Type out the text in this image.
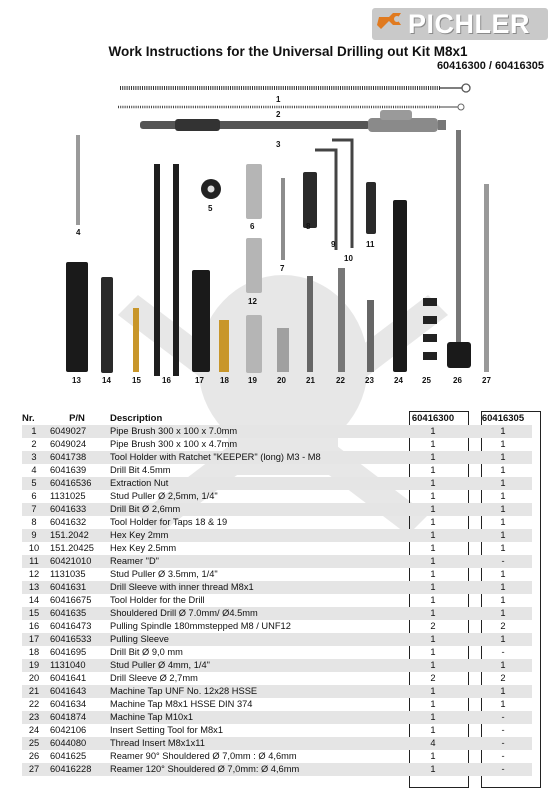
PICHLER
Work Instructions for the Universal Drilling out Kit M8x1
60416300 / 60416305
1
2
3
4
5
6
7
8
9
10
11
12
13	14	15	16	17 18 19	20	21	22	23	24 25	26	27
Nr.	P/N	Description	60416300		60416305
1	6049027	Pipe Brush 300 x 100 x 7.0mm	1		1
2	6049024	Pipe Brush 300 x 100 x 4.7mm	1		1
3	6041738	Tool Holder with Ratchet "KEEPER" (long) M3 - M8	1		1
4	6041639	Drill Bit 4.5mm	1		1
5	60416536	Extraction Nut	1		1
6	1131025	Stud Puller Ø 2,5mm, 1/4"	1		1
7	6041633	Drill Bit Ø 2,6mm	1		1
8	6041632	Tool Holder for Taps 18 & 19	1		1
9	151.2042	Hex Key 2mm	1		1
10	151.20425	Hex Key 2.5mm	1		1
11	60421010	Reamer "D"	1		-
12	1131035	Stud Puller Ø 3.5mm, 1/4"	1		1
13	6041631	Drill Sleeve with inner thread M8x1	1		1
14	60416675	Tool Holder for the Drill	1		1
15	6041635	Shouldered Drill Ø 7.0mm/ Ø4.5mm	1		1
16	60416473	Pulling Spindle 180mmstepped M8 / UNF12	2		2
17	60416533	Pulling Sleeve	1		1
18	6041695	Drill Bit Ø 9,0 mm	1		-
19	1131040	Stud Puller Ø 4mm, 1/4"	1		1
20	6041641	Drill Sleeve Ø 2,7mm	2		2
21	6041643	Machine Tap UNF No. 12x28 HSSE	1		1
22	6041634	Machine Tap M8x1 HSSE DIN 374	1		1
23	6041874	Machine Tap M10x1	1		-
24	6042106	Insert Setting Tool for M8x1	1		-
25	6044080	Thread Insert M8x1x11	4		-
26	6041625	Reamer 90° Shouldered Ø 7,0mm : Ø 4,6mm	1		-
27	60416228	Reamer 120° Shouldered Ø 7,0mm: Ø 4,6mm	1		-
